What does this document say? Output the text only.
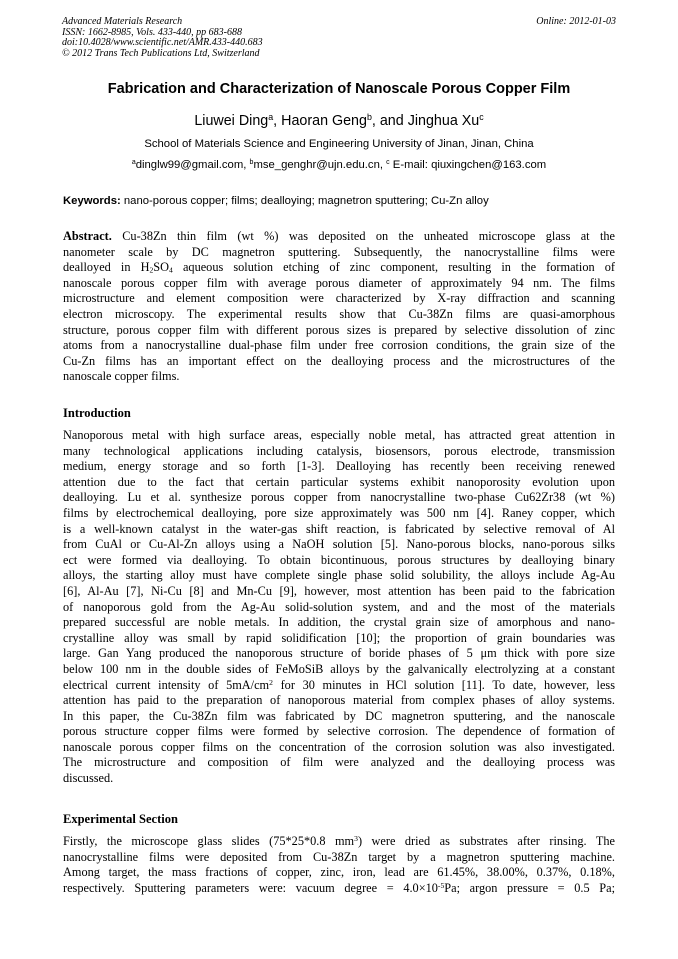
Advanced Materials Research
ISSN: 1662-8985, Vols. 433-440, pp 683-688
doi:10.4028/www.scientific.net/AMR.433-440.683
© 2012 Trans Tech Publications Ltd, Switzerland
Online: 2012-01-03
Fabrication and Characterization of Nanoscale Porous Copper Film
Liuwei Ding$^a$, Haoran Geng$^b$, and Jinghua Xu$^c$
School of Materials Science and Engineering University of Jinan, Jinan, China
$^a$dinglw99@gmail.com, $^b$mse_genghr@ujn.edu.cn, $^c$ E-mail: qiuxingchen@163.com
Keywords: nano-porous copper; films; dealloying; magnetron sputtering; Cu-Zn alloy
Abstract. Cu-38Zn thin film (wt %) was deposited on the unheated microscope glass at the
nanometer scale by DC magnetron sputtering. Subsequently, the nanocrystalline films were
dealloyed in $H_2SO_4$ aqueous solution etching of zinc component, resulting in the formation of
nanoscale porous copper film with average porous diameter of approximately 94 nm. The films
microstructure and element composition were characterized by X-ray diffraction and scanning
electron microscopy. The experimental results show that Cu-38Zn films are quasi-amorphous
structure, porous copper film with different porous sizes is prepared by selective dissolution of zinc
atoms from a nanocrystalline dual-phase film under free corrosion conditions, the grain size of the
Cu-Zn films has an important effect on the dealloying process and the microstructures of the
nanoscale copper films.
Introduction
Nanoporous metal with high surface areas, especially noble metal, has attracted great attention in
many technological applications including catalysis, biosensors, porous electrode, transmission
medium, energy storage and so forth [1-3]. Dealloying has recently been receiving renewed
attention due to the fact that certain particular systems exhibit nanoporosity evolution upon
dealloying. Lu et al. synthesize porous copper from nanocrystalline two-phase Cu62Zr38 (wt %)
films by electrochemical dealloying, pore size approximately was 500 nm [4]. Raney copper, which
is a well-known catalyst in the water-gas shift reaction, is fabricated by selective removal of Al
from CuAl or Cu-Al-Zn alloys using a NaOH solution [5]. Nano-porous blocks, nano-porous silks
ect were formed via dealloying. To obtain bicontinuous, porous structures by dealloying binary
alloys, the starting alloy must have complete single phase solid solubility, the alloys include Ag-Au
[6], Al-Au [7], Ni-Cu [8] and Mn-Cu [9], however, most attention has been paid to the fabrication
of nanoporous gold from the Ag-Au solid-solution system, and and the most of the materials
prepared successful are noble metals. In addition, the crystal grain size of amorphous and nano-
crystalline alloy was small by rapid solidification [10]; the proportion of grain boundaries was
large. Gan Yang produced the nanoporous structure of boride phases of 5 μm thick with pore size
below 100 nm in the double sides of FeMoSiB alloys by the galvanically electrolyzing at a constant
electrical current intensity of $5mA/cm^2$ for 30 minutes in HCl solution [11]. To date, however, less
attention has paid to the preparation of nanoporous material from complex phases of alloy systems.
In this paper, the Cu-38Zn film was fabricated by DC magnetron sputtering, and the nanoscale
porous structure copper films were formed by selective corrosion. The dependence of formation of
nanoscale porous copper films on the concentration of the corrosion solution was also investigated.
The microstructure and composition of film were analyzed and the dealloying process was
discussed.
Experimental Section
Firstly, the microscope glass slides (75*25*0.8 $mm^3$) were dried as substrates after rinsing. The
nanocrystalline films were deposited from Cu-38Zn target by a magnetron sputtering machine.
Among target, the mass fractions of copper, zinc, iron, lead are 61.45%, 38.00%, 0.37%, 0.18%,
respectively. Sputtering parameters were: vacuum degree = $4.0\times 10^{-5}Pa$; argon pressure = 0.5 Pa;
